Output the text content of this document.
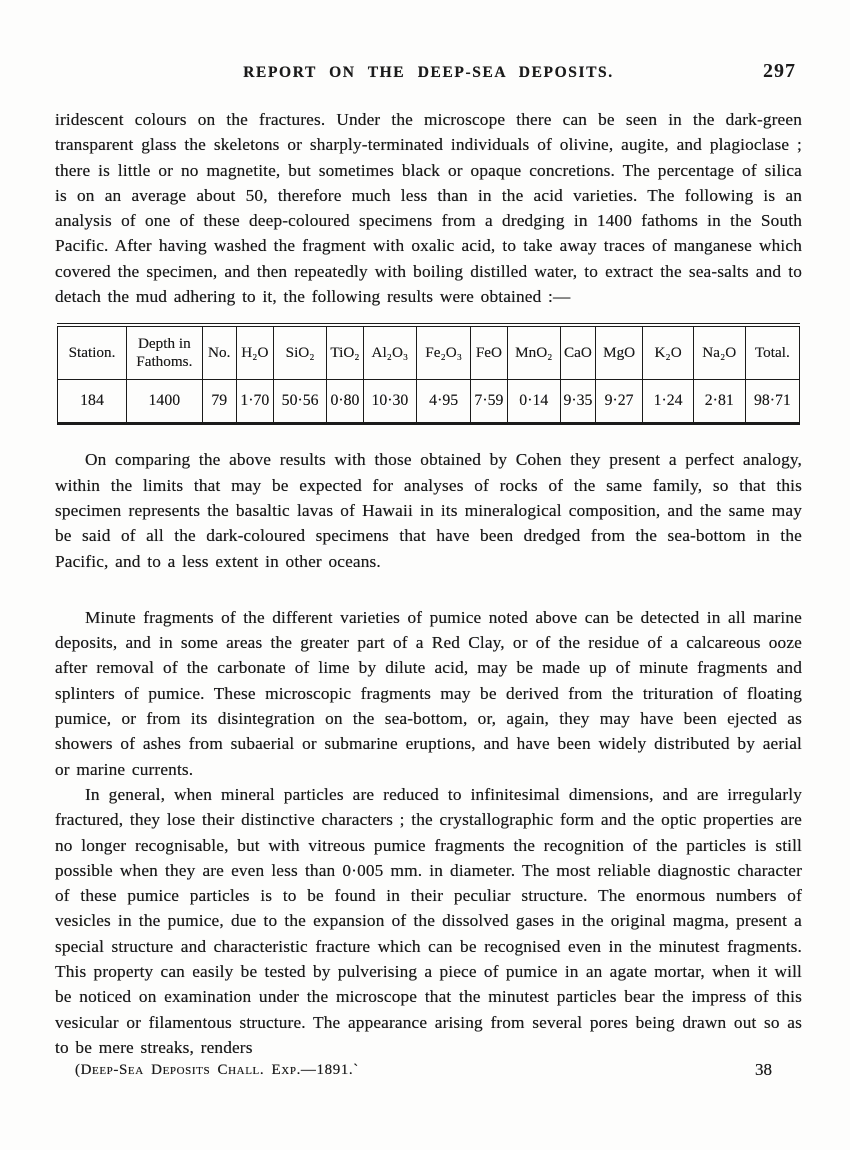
REPORT ON THE DEEP-SEA DEPOSITS.	297

iridescent colours on the fractures. Under the microscope there can be seen in the dark-green transparent glass the skeletons or sharply-terminated individuals of olivine, augite, and plagioclase ; there is little or no magnetite, but sometimes black or opaque concretions. The percentage of silica is on an average about 50, therefore much less than in the acid varieties. The following is an analysis of one of these deep-coloured specimens from a dredging in 1400 fathoms in the South Pacific. After having washed the fragment with oxalic acid, to take away traces of manganese which covered the specimen, and then repeatedly with boiling distilled water, to extract the sea-salts and to detach the mud adhering to it, the following results were obtained :—

Station.	Depth in Fathoms.	No.	H₂O	SiO₂	TiO₂	Al₂O₃	Fe₂O₃	FeO	MnO₂	CaO	MgO	K₂O	Na₂O	Total.
184	1400	79	1·70	50·56	0·80	10·30	4·95	7·59	0·14	9·35	9·27	1·24	2·81	98·71

On comparing the above results with those obtained by Cohen they present a perfect analogy, within the limits that may be expected for analyses of rocks of the same family, so that this specimen represents the basaltic lavas of Hawaii in its mineralogical composition, and the same may be said of all the dark-coloured specimens that have been dredged from the sea-bottom in the Pacific, and to a less extent in other oceans.

Minute fragments of the different varieties of pumice noted above can be detected in all marine deposits, and in some areas the greater part of a Red Clay, or of the residue of a calcareous ooze after removal of the carbonate of lime by dilute acid, may be made up of minute fragments and splinters of pumice. These microscopic fragments may be derived from the trituration of floating pumice, or from its disintegration on the sea-bottom, or, again, they may have been ejected as showers of ashes from subaerial or submarine eruptions, and have been widely distributed by aerial or marine currents.

In general, when mineral particles are reduced to infinitesimal dimensions, and are irregularly fractured, they lose their distinctive characters ; the crystallographic form and the optic properties are no longer recognisable, but with vitreous pumice fragments the recognition of the particles is still possible when they are even less than 0·005 mm. in diameter. The most reliable diagnostic character of these pumice particles is to be found in their peculiar structure. The enormous numbers of vesicles in the pumice, due to the expansion of the dissolved gases in the original magma, present a special structure and characteristic fracture which can be recognised even in the minutest fragments. This property can easily be tested by pulverising a piece of pumice in an agate mortar, when it will be noticed on examination under the microscope that the minutest particles bear the impress of this vesicular or filamentous structure. The appearance arising from several pores being drawn out so as to be mere streaks, renders

(Deep-Sea Deposits Chall. Exp.—1891.`	38
